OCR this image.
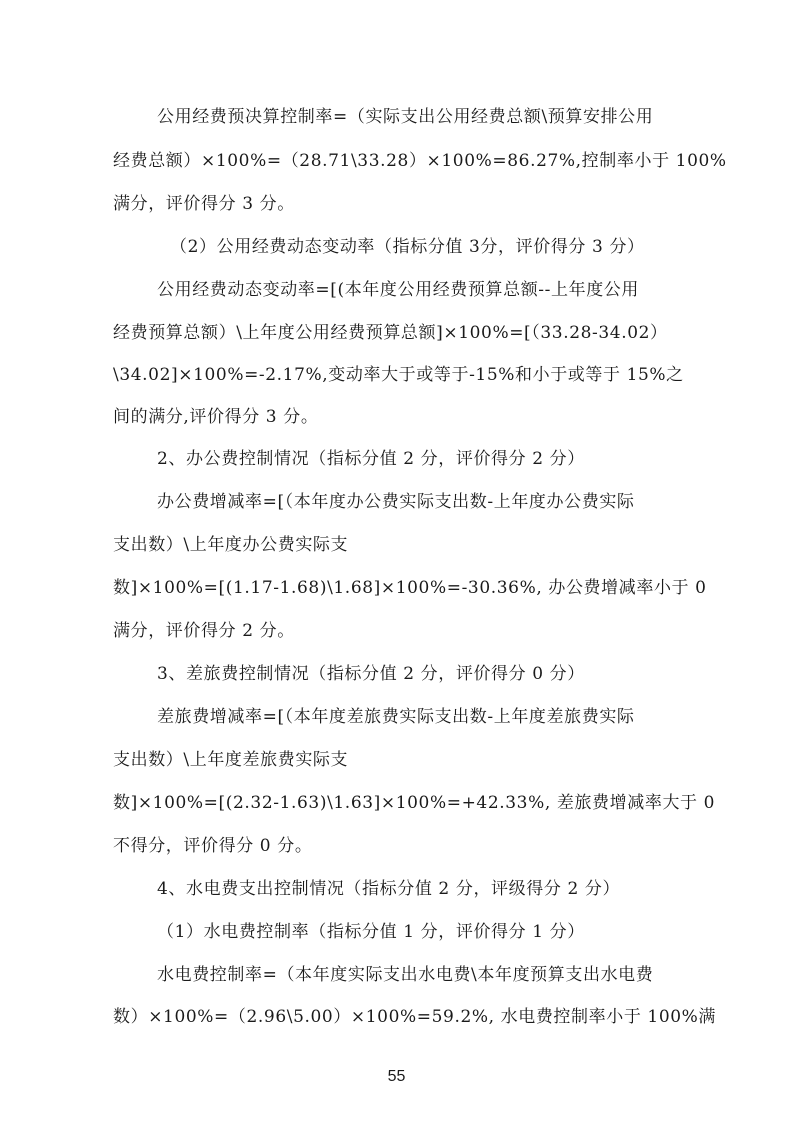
公用经费预决算控制率=（实际支出公用经费总额\预算安排公用
经费总额）×100%=（28.71\33.28）×100%=86.27%,控制率小于 100%
满分，评价得分 3 分。
（2）公用经费动态变动率（指标分值 3分，评价得分 3 分）
公用经费动态变动率=[(本年度公用经费预算总额--上年度公用
经费预算总额）\上年度公用经费预算总额]×100%=[（33.28-34.02）
\34.02]×100%=-2.17%,变动率大于或等于-15%和小于或等于 15%之
间的满分,评价得分 3 分。
2、办公费控制情况（指标分值 2 分，评价得分 2 分）
办公费增减率=[（本年度办公费实际支出数-上年度办公费实际
支出数）\上年度办公费实际支
数]×100%=[(1.17-1.68)\1.68]×100%=-30.36%, 办公费增减率小于 0
满分，评价得分 2 分。
3、差旅费控制情况（指标分值 2 分，评价得分 0 分）
差旅费增减率=[（本年度差旅费实际支出数-上年度差旅费实际
支出数）\上年度差旅费实际支
数]×100%=[(2.32-1.63)\1.63]×100%=+42.33%, 差旅费增减率大于 0
不得分，评价得分 0 分。
4、水电费支出控制情况（指标分值 2 分，评级得分 2 分）
（1）水电费控制率（指标分值 1 分，评价得分 1 分）
水电费控制率=（本年度实际支出水电费\本年度预算支出水电费
数）×100%=（2.96\5.00）×100%=59.2%, 水电费控制率小于 100%满
55
